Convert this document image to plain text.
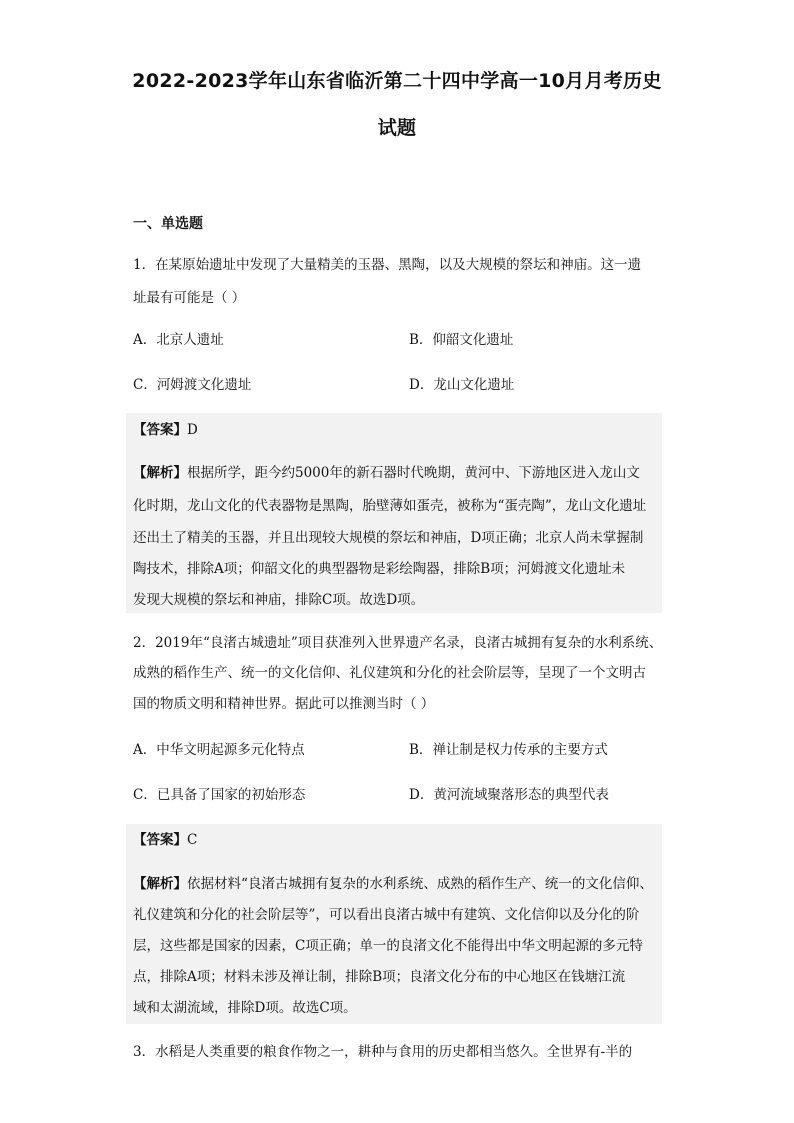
2022-2023学年山东省临沂第二十四中学高一10月月考历史
试题
一、单选题
1．在某原始遗址中发现了大量精美的玉器、黑陶，以及大规模的祭坛和神庙。这一遗
址最有可能是（ ）
A．北京人遗址	B．仰韶文化遗址
C．河姆渡文化遗址	D．龙山文化遗址
【答案】D
【解析】根据所学，距今约5000年的新石器时代晚期，黄河中、下游地区进入龙山文
化时期，龙山文化的代表器物是黑陶，胎壁薄如蛋壳，被称为“蛋壳陶”，龙山文化遗址
还出土了精美的玉器，并且出现较大规模的祭坛和神庙，D项正确；北京人尚未掌握制
陶技术，排除A项；仰韶文化的典型器物是彩绘陶器，排除B项；河姆渡文化遗址未
发现大规模的祭坛和神庙，排除C项。故选D项。
2．2019年“良渚古城遗址”项目获准列入世界遗产名录，良渚古城拥有复杂的水利系统、
成熟的稻作生产、统一的文化信仰、礼仪建筑和分化的社会阶层等，呈现了一个文明古
国的物质文明和精神世界。据此可以推测当时（ ）
A．中华文明起源多元化特点	B．禅让制是权力传承的主要方式
C．已具备了国家的初始形态	D．黄河流域聚落形态的典型代表
【答案】C
【解析】依据材料“良渚古城拥有复杂的水利系统、成熟的稻作生产、统一的文化信仰、
礼仪建筑和分化的社会阶层等”，可以看出良渚古城中有建筑、文化信仰以及分化的阶
层，这些都是国家的因素，C项正确；单一的良渚文化不能得出中华文明起源的多元特
点，排除A项；材料未涉及禅让制，排除B项；良渚文化分布的中心地区在钱塘江流
域和太湖流域，排除D项。故选C项。
3．水稻是人类重要的粮食作物之一，耕种与食用的历史都相当悠久。全世界有-半的
